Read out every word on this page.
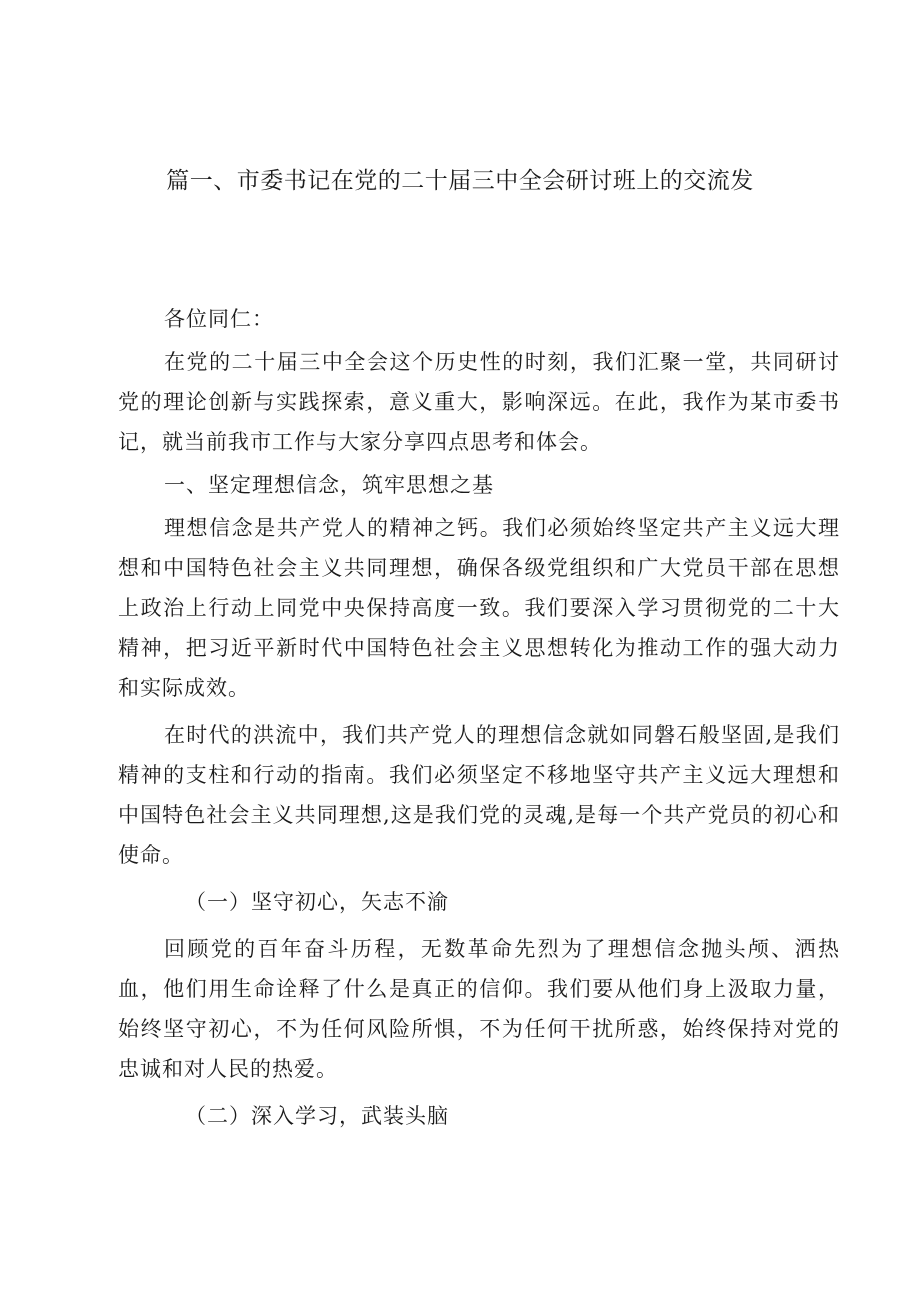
篇一、市委书记在党的二十届三中全会研讨班上的交流发

各位同仁：

在党的二十届三中全会这个历史性的时刻，我们汇聚一堂，共同研讨党的理论创新与实践探索，意义重大，影响深远。在此，我作为某市委书记，就当前我市工作与大家分享四点思考和体会。

一、坚定理想信念，筑牢思想之基

理想信念是共产党人的精神之钙。我们必须始终坚定共产主义远大理想和中国特色社会主义共同理想，确保各级党组织和广大党员干部在思想上政治上行动上同党中央保持高度一致。我们要深入学习贯彻党的二十大精神，把习近平新时代中国特色社会主义思想转化为推动工作的强大动力和实际成效。

在时代的洪流中，我们共产党人的理想信念就如同磐石般坚固,是我们精神的支柱和行动的指南。我们必须坚定不移地坚守共产主义远大理想和中国特色社会主义共同理想,这是我们党的灵魂,是每一个共产党员的初心和使命。

（一）坚守初心，矢志不渝

回顾党的百年奋斗历程，无数革命先烈为了理想信念抛头颅、洒热血，他们用生命诠释了什么是真正的信仰。我们要从他们身上汲取力量，始终坚守初心，不为任何风险所惧，不为任何干扰所惑，始终保持对党的忠诚和对人民的热爱。

（二）深入学习，武装头脑
